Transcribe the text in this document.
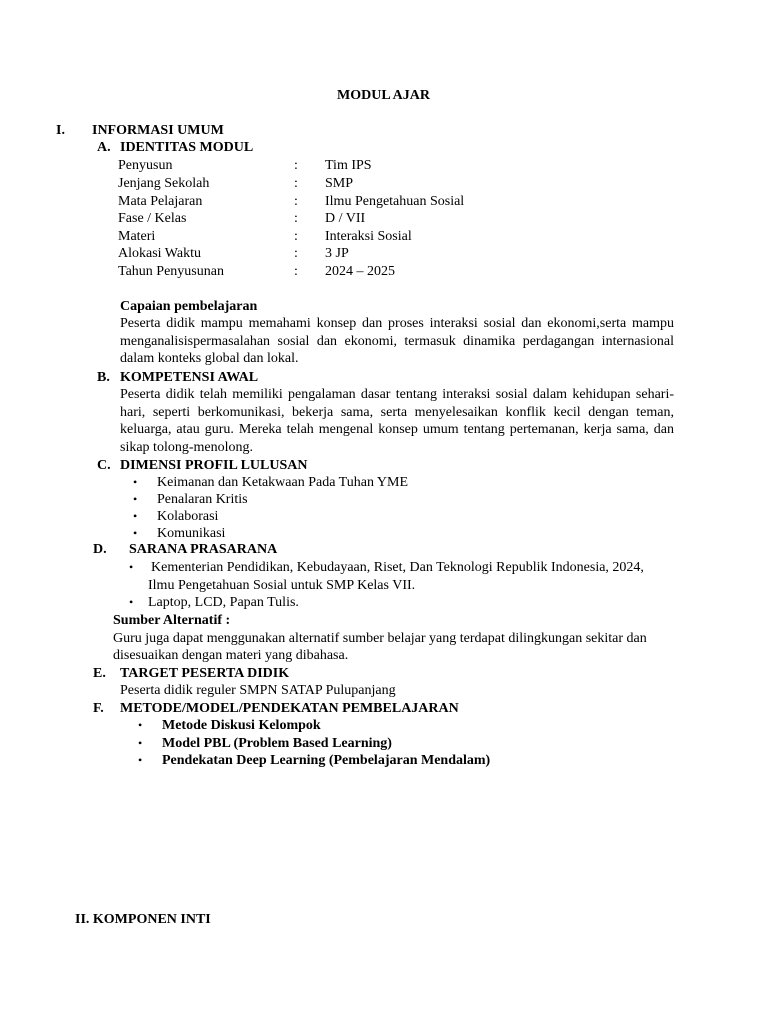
MODUL AJAR
I. INFORMASI UMUM
A. IDENTITAS MODUL
Penyusun	: Tim IPS
Jenjang Sekolah	: SMP
Mata Pelajaran	: Ilmu Pengetahuan Sosial
Fase / Kelas	: D / VII
Materi	: Interaksi Sosial
Alokasi Waktu	: 3 JP
Tahun Penyusunan	: 2024 – 2025
Capaian pembelajaran
Peserta didik mampu memahami konsep dan proses interaksi sosial dan ekonomi,serta mampu menganalisispermasalahan sosial dan ekonomi, termasuk dinamika perdagangan internasional dalam konteks global dan lokal.
B. KOMPETENSI AWAL
Peserta didik telah memiliki pengalaman dasar tentang interaksi sosial dalam kehidupan sehari-hari, seperti berkomunikasi, bekerja sama, serta menyelesaikan konflik kecil dengan teman, keluarga, atau guru. Mereka telah mengenal konsep umum tentang pertemanan, kerja sama, dan sikap tolong-menolong.
C. DIMENSI PROFIL LULUSAN
• Keimanan dan Ketakwaan Pada Tuhan YME
• Penalaran Kritis
• Kolaborasi
• Komunikasi
D. SARANA PRASARANA
• Kementerian Pendidikan, Kebudayaan, Riset, Dan Teknologi Republik Indonesia, 2024,
Ilmu Pengetahuan Sosial untuk SMP Kelas VII.
• Laptop, LCD, Papan Tulis.
Sumber Alternatif :
Guru juga dapat menggunakan alternatif sumber belajar yang terdapat dilingkungan sekitar dan
disesuaikan dengan materi yang dibahasa.
E. TARGET PESERTA DIDIK
Peserta didik reguler SMPN SATAP Pulupanjang
F. METODE/MODEL/PENDEKATAN PEMBELAJARAN
• Metode Diskusi Kelompok
• Model PBL (Problem Based Learning)
• Pendekatan Deep Learning (Pembelajaran Mendalam)
II. KOMPONEN INTI
